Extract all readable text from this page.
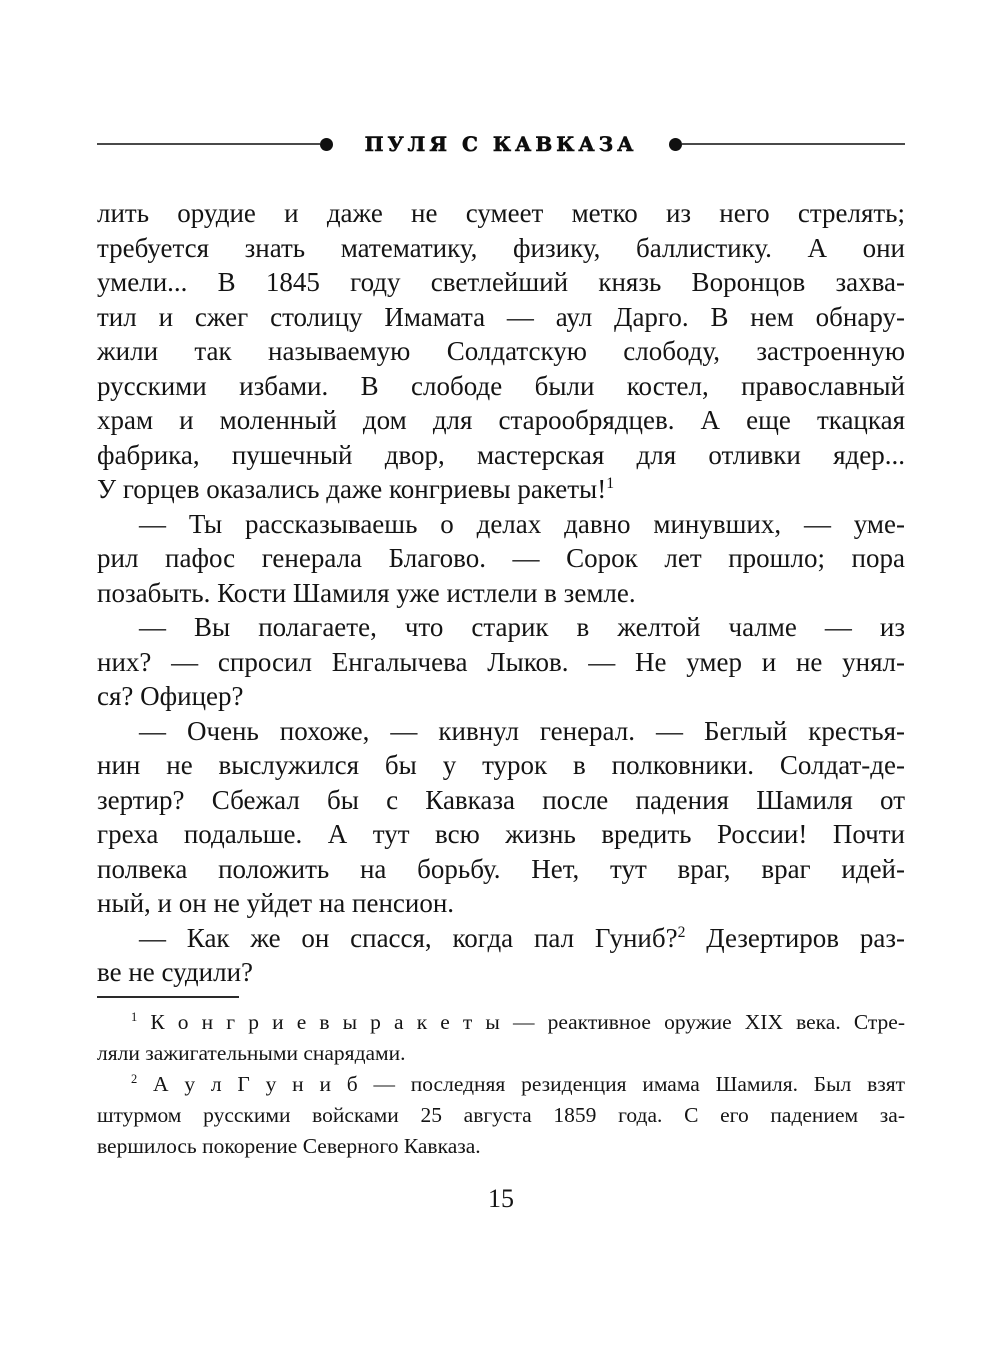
ПУЛЯ С КАВКАЗА
лить орудие и даже не сумеет метко из него стрелять;
требуется знать математику, физику, баллистику. А они
умели... В 1845 году светлейший князь Воронцов захва-
тил и сжег столицу Имамата — аул Дарго. В нем обнару-
жили так называемую Солдатскую слободу, застроенную
русскими избами. В слободе были костел, православный
храм и моленный дом для старообрядцев. А еще ткацкая
фабрика, пушечный двор, мастерская для отливки ядер...
У горцев оказались даже конгриевы ракеты!$^1$
— Ты рассказываешь о делах давно минувших, — уме-
рил пафос генерала Благово. — Сорок лет прошло; пора
позабыть. Кости Шамиля уже истлели в земле.
— Вы полагаете, что старик в желтой чалме — из
них? — спросил Енгалычева Лыков. — Не умер и не унял-
ся? Офицер?
— Очень похоже, — кивнул генерал. — Беглый крестья-
нин не выслужился бы у турок в полковники. Солдат-де-
зертир? Сбежал бы с Кавказа после падения Шамиля от
греха подальше. А тут всю жизнь вредить России! Почти
полвека положить на борьбу. Нет, тут враг, враг идей-
ный, и он не уйдет на пенсион.
— Как же он спасся, когда пал Гуниб?$^2$ Дезертиров раз-
ве не судили?
$^1$ К о н г р и е в ы р а к е т ы — реактивное оружие XIX века. Стре-
ляли зажигательными снарядами.
$^2$ А у л Г у н и б — последняя резиденция имама Шамиля. Был взят
штурмом русскими войсками 25 августа 1859 года. С его падением за-
вершилось покорение Северного Кавказа.
15
